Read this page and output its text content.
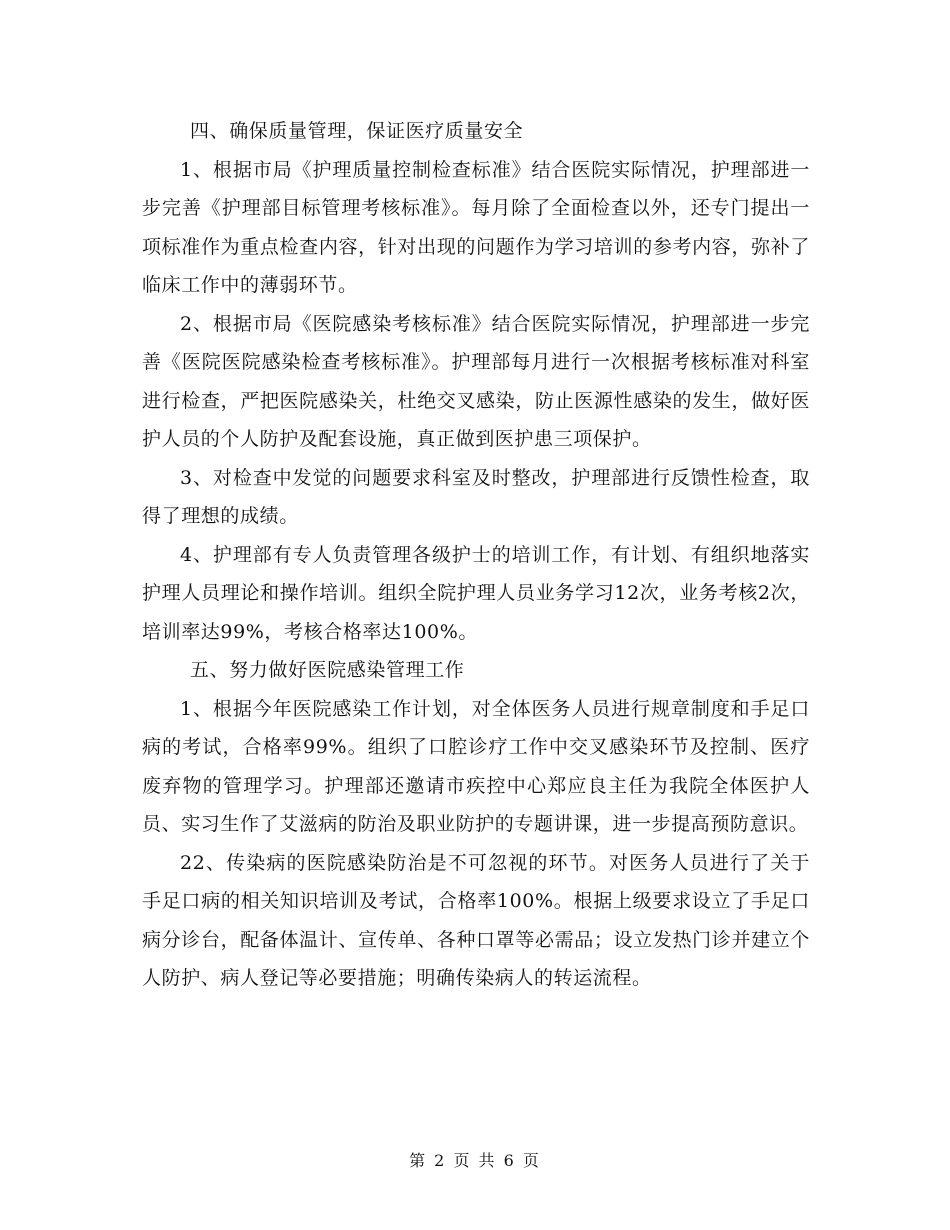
四、确保质量管理，保证医疗质量安全

1、根据市局《护理质量控制检查标准》结合医院实际情况，护理部进一步完善《护理部目标管理考核标准》。每月除了全面检查以外，还专门提出一项标准作为重点检查内容，针对出现的问题作为学习培训的参考内容，弥补了临床工作中的薄弱环节。

2、根据市局《医院感染考核标准》结合医院实际情况，护理部进一步完善《医院医院感染检查考核标准》。护理部每月进行一次根据考核标准对科室进行检查，严把医院感染关，杜绝交叉感染，防止医源性感染的发生，做好医护人员的个人防护及配套设施，真正做到医护患三项保护。

3、对检查中发觉的问题要求科室及时整改，护理部进行反馈性检查，取得了理想的成绩。

4、护理部有专人负责管理各级护士的培训工作，有计划、有组织地落实护理人员理论和操作培训。组织全院护理人员业务学习12次，业务考核2次，培训率达99%，考核合格率达100%。

五、努力做好医院感染管理工作

1、根据今年医院感染工作计划，对全体医务人员进行规章制度和手足口病的考试，合格率99%。组织了口腔诊疗工作中交叉感染环节及控制、医疗废弃物的管理学习。护理部还邀请市疾控中心郑应良主任为我院全体医护人员、实习生作了艾滋病的防治及职业防护的专题讲课，进一步提高预防意识。

22、传染病的医院感染防治是不可忽视的环节。对医务人员进行了关于手足口病的相关知识培训及考试，合格率100%。根据上级要求设立了手足口病分诊台，配备体温计、宣传单、各种口罩等必需品；设立发热门诊并建立个人防护、病人登记等必要措施；明确传染病人的转运流程。

第 2 页 共 6 页
